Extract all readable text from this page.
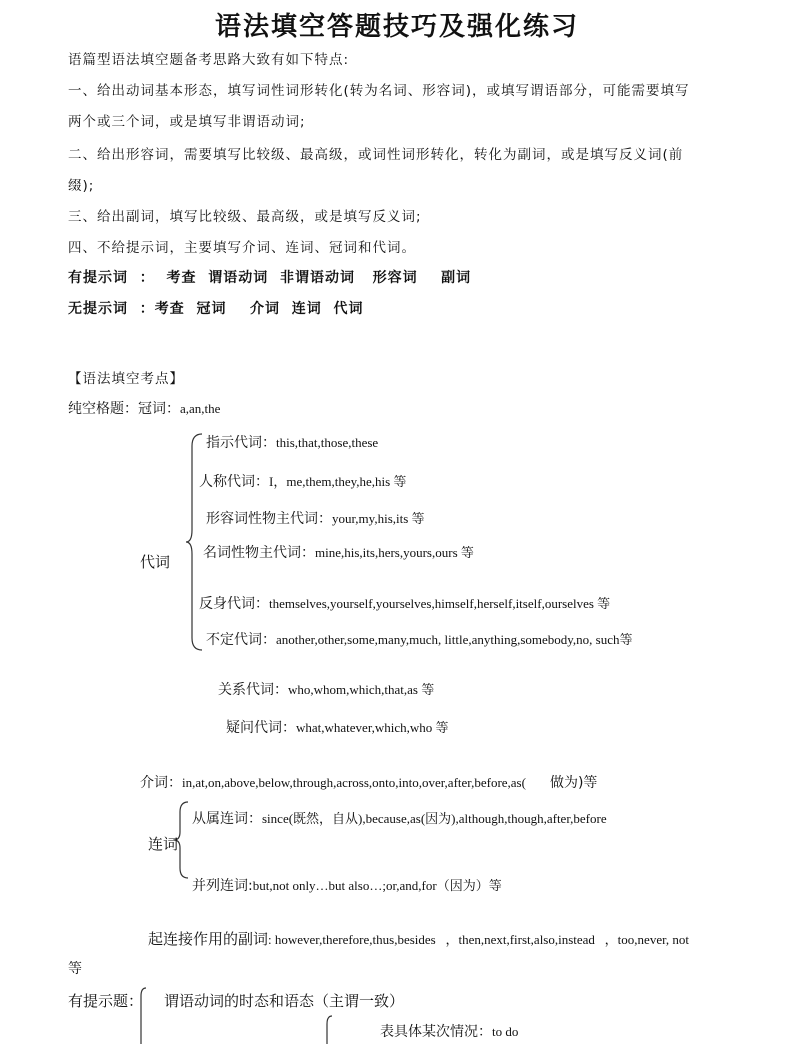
语法填空答题技巧及强化练习
语篇型语法填空题备考思路大致有如下特点:
一、给出动词基本形态，填写词性词形转化(转为名词、形容词)，或填写谓语部分，可能需要填写
两个或三个词，或是填写非谓语动词;
二、给出形容词，需要填写比较级、最高级，或词性词形转化，转化为副词，或是填写反义词(前
缀);
三、给出副词，填写比较级、最高级，或是填写反义词;
四、不给提示词，主要填写介词、连词、冠词和代词。
有提示词  ：  考查  谓语动词  非谓语动词   形容词    副词
无提示词  ：考查  冠词    介词  连词  代词
【语法填空考点】
纯空格题：冠词：a,an,the
代词
指示代词：this,that,those,these
人称代词：I，me,them,they,he,his 等
形容词性物主代词：your,my,his,its 等
名词性物主代词：mine,his,its,hers,yours,ours 等
反身代词：themselves,yourself,yourselves,himself,herself,itself,ourselves 等
不定代词：another,other,some,many,much, little,anything,somebody,no, such等
关系代词：who,whom,which,that,as 等
疑问代词：what,whatever,which,who 等
介词：in,at,on,above,below,through,across,onto,into,over,after,before,as( 做为)等
连词
从属连词：since(既然，自从),because,as(因为),although,though,after,before
并列连词:but,not only…but also…;or,and,for（因为）等
起连接作用的副词: however,therefore,thus,besides   ，then,next,first,also,instead   ，too,never, not
等
有提示题： 谓语动词的时态和语态（主谓一致）
表具体某次情况：to do
